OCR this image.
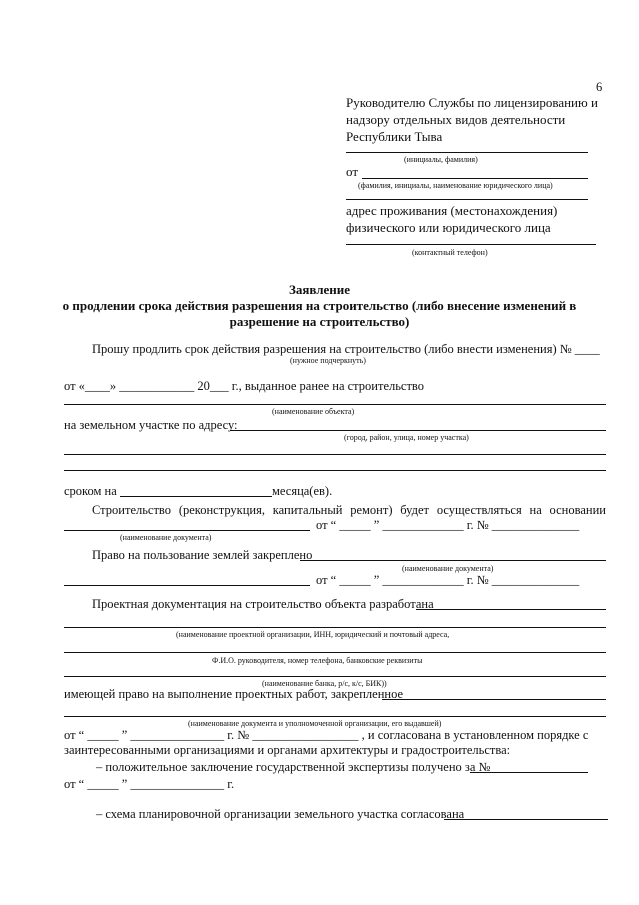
6
Руководителю Службы по лицензированию и
надзору отдельных видов деятельности
Республики Тыва
(инициалы, фамилия)
от
(фамилия, инициалы, наименование юридического лица)
адрес проживания (местонахождения)
физического или юридического лица
(контактный телефон)
Заявление
о продлении срока действия разрешения на строительство (либо внесение изменений в
разрешение на строительство)
Прошу продлить срок действия разрешения на строительство (либо внести изменения) № ____
(нужное подчеркнуть)
от «____» ____________ 20___ г., выданное ранее на строительство
(наименование объекта)
на земельном участке по адресу:
(город, район, улица, номер участка)
сроком на	месяца(ев).
Строительство (реконструкция, капитальный ремонт) будет осуществляться на основании
от “ _____ ” _____________ г. № ______________
(наименование документа)
Право на пользование землей закреплено
(наименование документа)
от “ _____ ” _____________ г. № ______________
Проектная документация на строительство объекта разработана
(наименование проектной организации, ИНН, юридический и почтовый адреса,
Ф.И.О. руководителя, номер телефона, банковские реквизиты
(наименование банка, р/с, к/с, БИК))
имеющей право на выполнение проектных работ, закрепленное
(наименование документа и уполномоченной организации, его выдавшей)
от “ _____ ” _______________ г. № _________________ , и согласована в установленном порядке с
заинтересованными организациями и органами архитектуры и градостроительства:
– положительное заключение государственной экспертизы получено за №
от “ _____ ” _______________ г.
– схема планировочной организации земельного участка согласована
